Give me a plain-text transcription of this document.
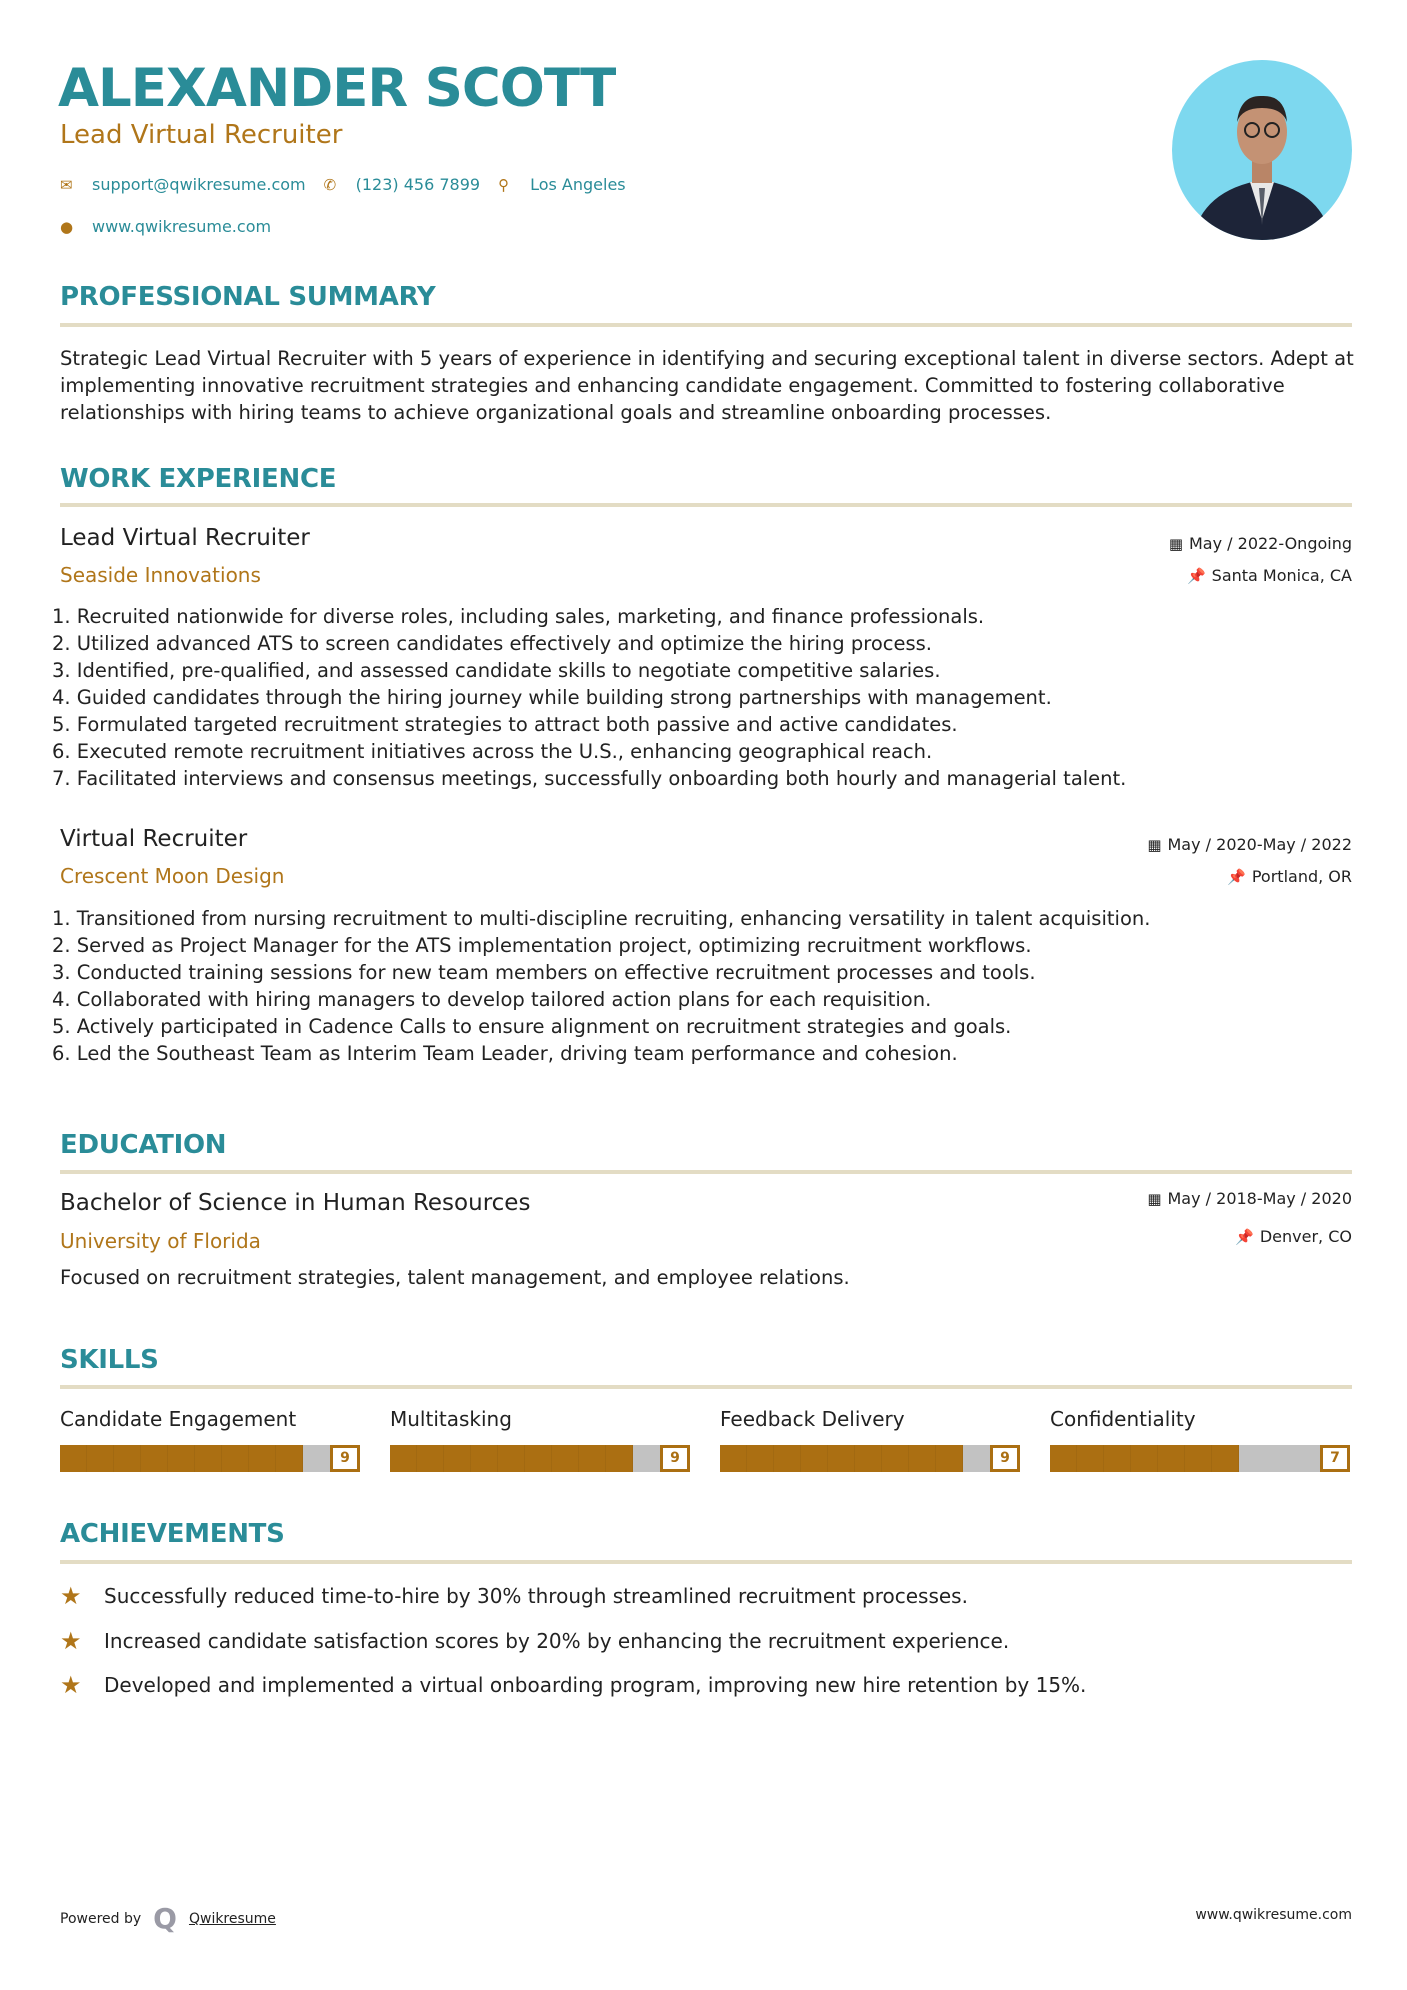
ALEXANDER SCOTT
Lead Virtual Recruiter
✉	support@qwikresume.com ✆	(123) 456 7899 ⚲	Los Angeles
●	www.qwikresume.com
PROFESSIONAL SUMMARY
Strategic Lead Virtual Recruiter with 5 years of experience in identifying and securing exceptional talent in diverse sectors. Adept at implementing innovative recruitment strategies and enhancing candidate engagement. Committed to fostering collaborative relationships with hiring teams to achieve organizational goals and streamline onboarding processes.
WORK EXPERIENCE
Lead Virtual Recruiter
Seaside Innovations
▦ May / 2022-Ongoing
📌 Santa Monica, CA
1. Recruited nationwide for diverse roles, including sales, marketing, and finance professionals.
2. Utilized advanced ATS to screen candidates effectively and optimize the hiring process.
3. Identified, pre-qualified, and assessed candidate skills to negotiate competitive salaries.
4. Guided candidates through the hiring journey while building strong partnerships with management.
5. Formulated targeted recruitment strategies to attract both passive and active candidates.
6. Executed remote recruitment initiatives across the U.S., enhancing geographical reach.
7. Facilitated interviews and consensus meetings, successfully onboarding both hourly and managerial talent.
Virtual Recruiter
Crescent Moon Design
▦ May / 2020-May / 2022
📌 Portland, OR
1. Transitioned from nursing recruitment to multi-discipline recruiting, enhancing versatility in talent acquisition.
2. Served as Project Manager for the ATS implementation project, optimizing recruitment workflows.
3. Conducted training sessions for new team members on effective recruitment processes and tools.
4. Collaborated with hiring managers to develop tailored action plans for each requisition.
5. Actively participated in Cadence Calls to ensure alignment on recruitment strategies and goals.
6. Led the Southeast Team as Interim Team Leader, driving team performance and cohesion.
EDUCATION
Bachelor of Science in Human Resources
University of Florida
▦ May / 2018-May / 2020
📌 Denver, CO
Focused on recruitment strategies, talent management, and employee relations.
SKILLS
Candidate Engagement
9
Multitasking
9
Feedback Delivery
9
Confidentiality
7
ACHIEVEMENTS
★	Successfully reduced time-to-hire by 30% through streamlined recruitment processes.
★	Increased candidate satisfaction scores by 20% by enhancing the recruitment experience.
★	Developed and implemented a virtual onboarding program, improving new hire retention by 15%.
Powered by Q Qwikresume	www.qwikresume.com
